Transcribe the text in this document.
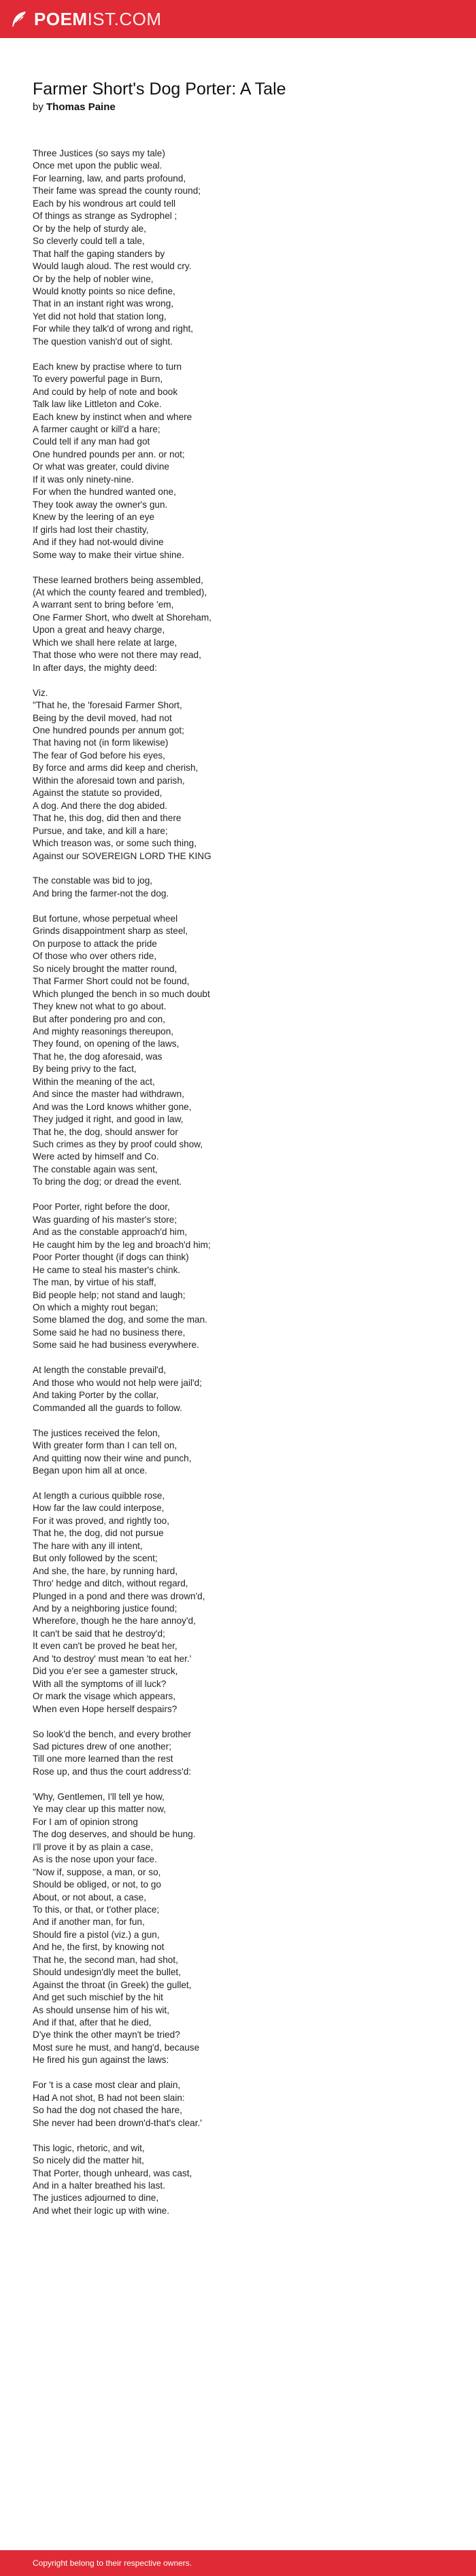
POEMIST.COM
Farmer Short's Dog Porter: A Tale
by Thomas Paine

Three Justices (so says my tale)
Once met upon the public weal.
For learning, law, and parts profound,
Their fame was spread the county round;
Each by his wondrous art could tell
Of things as strange as Sydrophel ;
Or by the help of sturdy ale,
So cleverly could tell a tale,
That half the gaping standers by
Would laugh aloud. The rest would cry.
Or by the help of nobler wine,
Would knotty points so nice define,
That in an instant right was wrong,
Yet did not hold that station long,
For while they talk'd of wrong and right,
The question vanish'd out of sight.

Each knew by practise where to turn
To every powerful page in Burn,
And could by help of note and book
Talk law like Littleton and Coke.
Each knew by instinct when and where
A farmer caught or kill'd a hare;
Could tell if any man had got
One hundred pounds per ann. or not;
Or what was greater, could divine
If it was only ninety-nine.
For when the hundred wanted one,
They took away the owner's gun.
Knew by the leering of an eye
If girls had lost their chastity,
And if they had not-would divine
Some way to make their virtue shine.

These learned brothers being assembled,
(At which the county feared and trembled),
A warrant sent to bring before 'em,
One Farmer Short, who dwelt at Shoreham,
Upon a great and heavy charge,
Which we shall here relate at large,
That those who were not there may read,
In after days, the mighty deed:

Viz.
"That he, the 'foresaid Farmer Short,
Being by the devil moved, had not
One hundred pounds per annum got;
That having not (in form likewise)
The fear of God before his eyes,
By force and arms did keep and cherish,
Within the aforesaid town and parish,
Against the statute so provided,
A dog. And there the dog abided.
That he, this dog, did then and there
Pursue, and take, and kill a hare;
Which treason was, or some such thing,
Against our SOVEREIGN LORD THE KING

The constable was bid to jog,
And bring the farmer-not the dog.

But fortune, whose perpetual wheel
Grinds disappointment sharp as steel,
On purpose to attack the pride
Of those who over others ride,
So nicely brought the matter round,
That Farmer Short could not be found,
Which plunged the bench in so much doubt
They knew not what to go about.
But after pondering pro and con,
And mighty reasonings thereupon,
They found, on opening of the laws,
That he, the dog aforesaid, was
By being privy to the fact,
Within the meaning of the act,
And since the master had withdrawn,
And was the Lord knows whither gone,
They judged it right, and good in law,
That he, the dog, should answer for
Such crimes as they by proof could show,
Were acted by himself and Co.
The constable again was sent,
To bring the dog; or dread the event.

Poor Porter, right before the door,
Was guarding of his master's store;
And as the constable approach'd him,
He caught him by the leg and broach'd him;
Poor Porter thought (if dogs can think)
He came to steal his master's chink.
The man, by virtue of his staff,
Bid people help; not stand and laugh;
On which a mighty rout began;
Some blamed the dog, and some the man.
Some said he had no business there,
Some said he had business everywhere.

At length the constable prevail'd,
And those who would not help were jail'd;
And taking Porter by the collar,
Commanded all the guards to follow.

The justices received the felon,
With greater form than I can tell on,
And quitting now their wine and punch,
Began upon him all at once.

At length a curious quibble rose,
How far the law could interpose,
For it was proved, and rightly too,
That he, the dog, did not pursue
The hare with any ill intent,
But only followed by the scent;
And she, the hare, by running hard,
Thro' hedge and ditch, without regard,
Plunged in a pond and there was drown'd,
And by a neighboring justice found;
Wherefore, though he the hare annoy'd,
It can't be said that he destroy'd;
It even can't be proved he beat her,
And 'to destroy' must mean 'to eat her.'
Did you e'er see a gamester struck,
With all the symptoms of ill luck?
Or mark the visage which appears,
When even Hope herself despairs?

So look'd the bench, and every brother
Sad pictures drew of one another;
Till one more learned than the rest
Rose up, and thus the court address'd:

'Why, Gentlemen, I'll tell ye how,
Ye may clear up this matter now,
For I am of opinion strong
The dog deserves, and should be hung.
I'll prove it by as plain a case,
As is the nose upon your face.
"Now if, suppose, a man, or so,
Should be obliged, or not, to go
About, or not about, a case,
To this, or that, or t'other place;
And if another man, for fun,
Should fire a pistol (viz.) a gun,
And he, the first, by knowing not
That he, the second man, had shot,
Should undesign'dly meet the bullet,
Against the throat (in Greek) the gullet,
And get such mischief by the hit
As should unsense him of his wit,
And if that, after that he died,
D'ye think the other mayn't be tried?
Most sure he must, and hang'd, because
He fired his gun against the laws:

For 't is a case most clear and plain,
Had A not shot, B had not been slain:
So had the dog not chased the hare,
She never had been drown'd-that's clear.'

This logic, rhetoric, and wit,
So nicely did the matter hit,
That Porter, though unheard, was cast,
And in a halter breathed his last.
The justices adjourned to dine,
And whet their logic up with wine.

Copyright belong to their respective owners.
